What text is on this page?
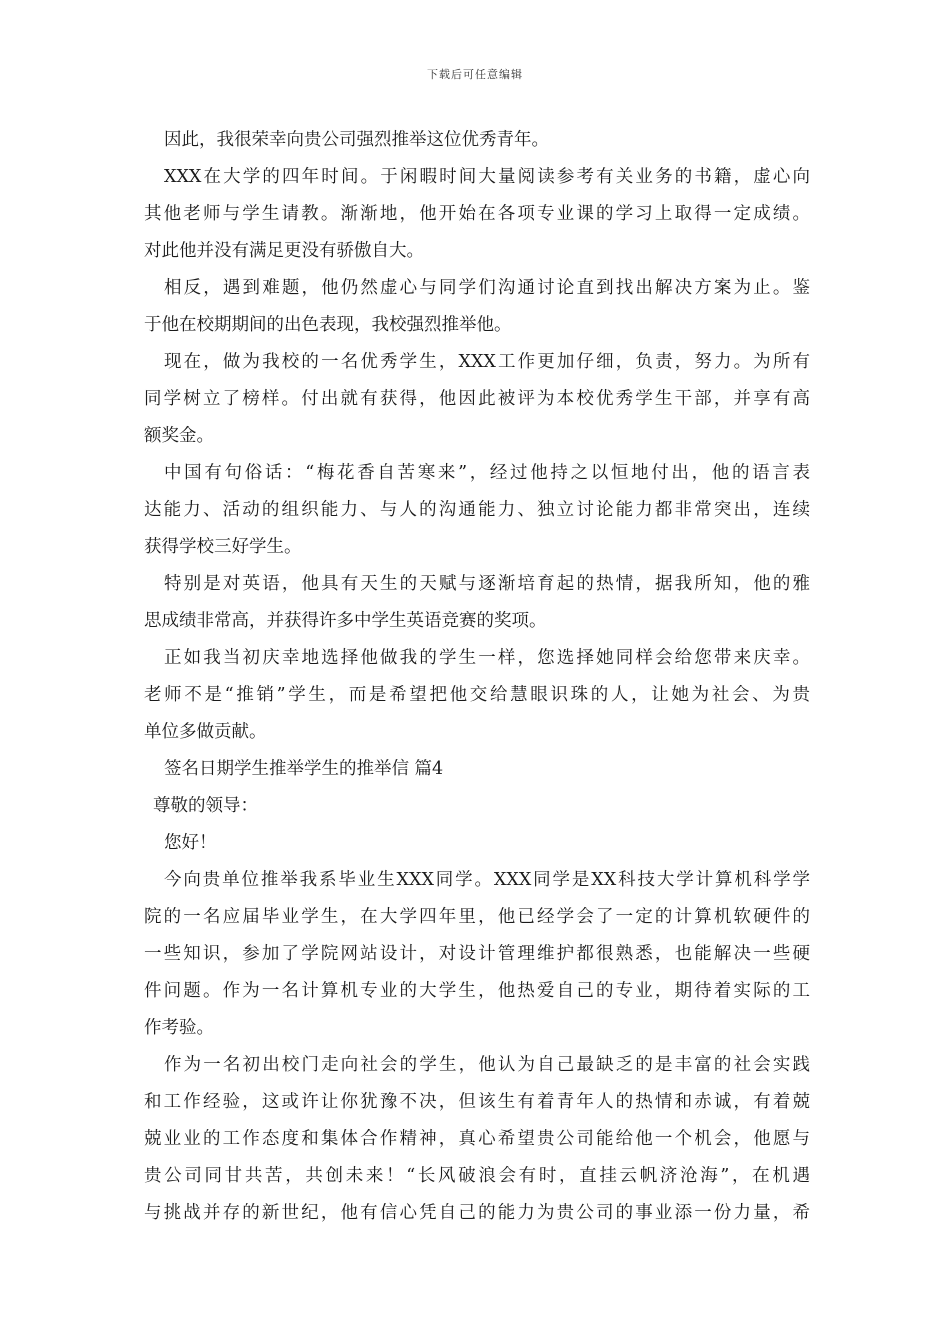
下载后可任意编辑
因此，我很荣幸向贵公司强烈推举这位优秀青年。
XXX在大学的四年时间。于闲暇时间大量阅读参考有关业务的书籍，虚心向
其他老师与学生请教。渐渐地，他开始在各项专业课的学习上取得一定成绩。
对此他并没有满足更没有骄傲自大。
相反，遇到难题，他仍然虚心与同学们沟通讨论直到找出解决方案为止。鉴
于他在校期期间的出色表现，我校强烈推举他。
现在，做为我校的一名优秀学生，XXX工作更加仔细，负责，努力。为所有
同学树立了榜样。付出就有获得，他因此被评为本校优秀学生干部，并享有高
额奖金。
中国有句俗话：“梅花香自苦寒来”，经过他持之以恒地付出，他的语言表
达能力、活动的组织能力、与人的沟通能力、独立讨论能力都非常突出，连续
获得学校三好学生。
特别是对英语，他具有天生的天赋与逐渐培育起的热情，据我所知，他的雅
思成绩非常高，并获得许多中学生英语竞赛的奖项。
正如我当初庆幸地选择他做我的学生一样，您选择她同样会给您带来庆幸。
老师不是“推销”学生，而是希望把他交给慧眼识珠的人，让她为社会、为贵
单位多做贡献。
签名日期学生推举学生的推举信 篇4
尊敬的领导：
您好！
今向贵单位推举我系毕业生XXX同学。XXX同学是XX科技大学计算机科学学
院的一名应届毕业学生，在大学四年里，他已经学会了一定的计算机软硬件的
一些知识，参加了学院网站设计，对设计管理维护都很熟悉，也能解决一些硬
件问题。作为一名计算机专业的大学生，他热爱自己的专业，期待着实际的工
作考验。
作为一名初出校门走向社会的学生，他认为自己最缺乏的是丰富的社会实践
和工作经验，这或许让你犹豫不决，但该生有着青年人的热情和赤诚，有着兢
兢业业的工作态度和集体合作精神，真心希望贵公司能给他一个机会，他愿与
贵公司同甘共苦，共创未来！“长风破浪会有时，直挂云帆济沧海”，在机遇
与挑战并存的新世纪，他有信心凭自己的能力为贵公司的事业添一份力量，希
